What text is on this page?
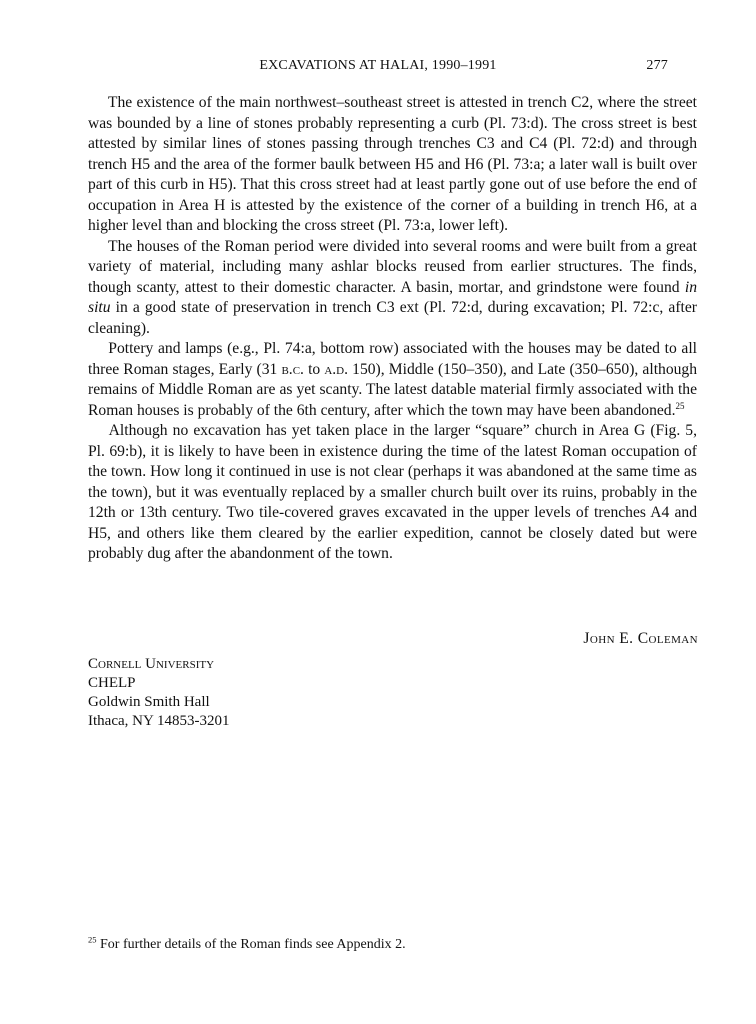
EXCAVATIONS AT HALAI, 1990–1991	277

  The existence of the main northwest–southeast street is attested in trench C2, where the street was bounded by a line of stones probably representing a curb (Pl. 73:d). The cross street is best attested by similar lines of stones passing through trenches C3 and C4 (Pl. 72:d) and through trench H5 and the area of the former baulk between H5 and H6 (Pl. 73:a; a later wall is built over part of this curb in H5). That this cross street had at least partly gone out of use before the end of occupation in Area H is attested by the existence of the corner of a building in trench H6, at a higher level than and blocking the cross street (Pl. 73:a, lower left).

  The houses of the Roman period were divided into several rooms and were built from a great variety of material, including many ashlar blocks reused from earlier structures. The finds, though scanty, attest to their domestic character. A basin, mortar, and grindstone were found in situ in a good state of preservation in trench C3 ext (Pl. 72:d, during excavation; Pl. 72:c, after cleaning).

  Pottery and lamps (e.g., Pl. 74:a, bottom row) associated with the houses may be dated to all three Roman stages, Early (31 b.c. to a.d. 150), Middle (150–350), and Late (350–650), although remains of Middle Roman are as yet scanty. The latest datable material firmly associated with the Roman houses is probably of the 6th century, after which the town may have been abandoned.$^{25}$

  Although no excavation has yet taken place in the larger “square” church in Area G (Fig. 5, Pl. 69:b), it is likely to have been in existence during the time of the latest Roman occupation of the town. How long it continued in use is not clear (perhaps it was abandoned at the same time as the town), but it was eventually replaced by a smaller church built over its ruins, probably in the 12th or 13th century. Two tile-covered graves excavated in the upper levels of trenches A4 and H5, and others like them cleared by the earlier expedition, cannot be closely dated but were probably dug after the abandonment of the town.

John E. Coleman
Cornell University
CHELP
Goldwin Smith Hall
Ithaca, NY 14853-3201
$^{25}$ For further details of the Roman finds see Appendix 2.
